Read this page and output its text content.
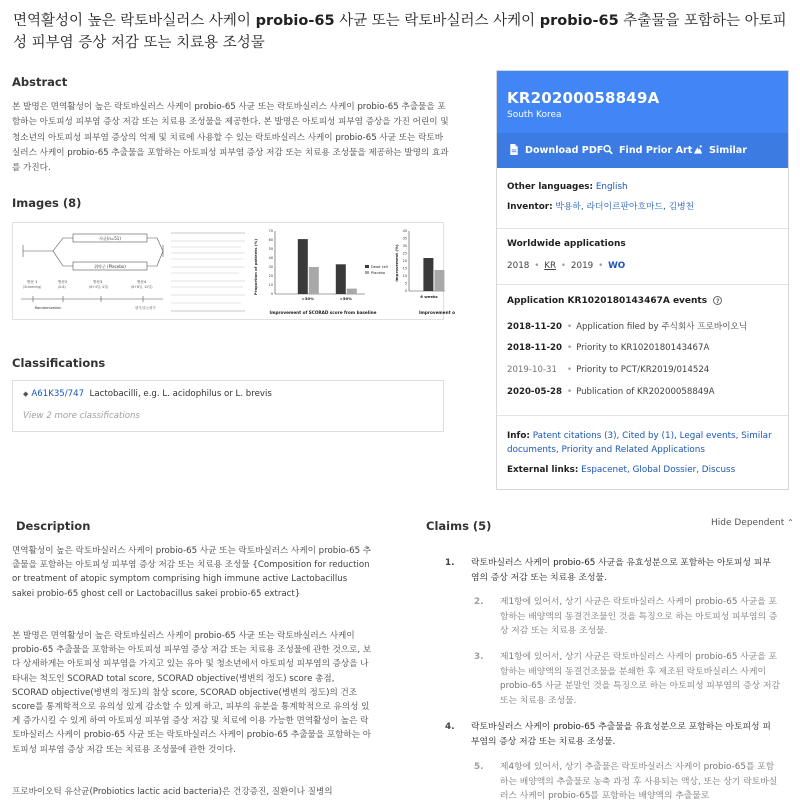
면역활성이 높은 락토바실러스 사케이 probio-65 사균 또는 락토바실러스 사케이 probio-65 추출물을 포함하는 아토피성 피부염 증상 저감 또는 치료용 조성물
Abstract
본 발명은 면역활성이 높은 락토바실러스 사케이 probio-65 사균 또는 락토바실러스 사케이 probio-65 추출물을 포함하는 아토피성 피부염 증상 저감 또는 치료용 조성물을 제공한다. 본 발명은 아토피성 피부염 증상을 가진 어린이 및 청소년의 아토피성 피부염 증상의 억제 및 치료에 사용할 수 있는 락토바실러스 사케이 probio-65 사균 또는 락토바실러스 사케이 probio-65 추출물을 포함하는 아토피성 피부염 증상 저감 또는 치료용 조성물을 제공하는 발명의 효과를 가진다.
Images (8)
사균(n=51)
위약군 (Placebo)
방문 1
(Screening)
방문2
(0-6)
방문3
(6+4일, 4일)
방문4
(6+8일, 12일)
Randomization	평가/효능평가
Proportion of patients (%)
Improvement of SCORAD score from baseline
Dead cell
Placebo
0
10
20
30
40
50
60
70
>30%	>50%
Improvement (%)
6 weeks
Improvement o
0
5
10
15
20
25
30
35
40
Classifications
◆ A61K35/747 Lactobacilli, e.g. L. acidophilus or L. brevis
View 2 more classifications
KR20200058849A
South Korea
Download PDF	Find Prior Art	Similar
Other languages: English
Inventor: 박용하, 라더이르판아흐마드, 김병천
Worldwide applications
2018 • KR • 2019 • WO
Application KR1020180143467A events ?
2018-11-20 • Application filed by 주식회사 프로바이오닉
2018-11-20 • Priority to KR1020180143467A
2019-10-31 • Priority to PCT/KR2019/014524
2020-05-28 • Publication of KR20200058849A
Info: Patent citations (3), Cited by (1), Legal events, Similar documents, Priority and Related Applications
External links: Espacenet, Global Dossier, Discuss
Description
면역활성이 높은 락토바실러스 사케이 probio-65 사균 또는 락토바실러스 사케이 probio-65 추출물을 포함하는 아토피성 피부염 증상 저감 또는 치료용 조성물 {Composition for reduction or treatment of atopic symptom comprising high immune active Lactobacillus sakei probio-65 ghost cell or Lactobacillus sakei probio-65 extract}
본 발명은 면역활성이 높은 락토바실러스 사케이 probio-65 사균 또는 락토바실러스 사케이 probio-65 추출물을 포함하는 아토피성 피부염 증상 저감 또는 치료용 조성물에 관한 것으로, 보다 상세하게는 아토피성 피부염을 가지고 있는 유아 및 청소년에서 아토피성 피부염의 증상을 나타내는 척도인 SCORAD total score, SCORAD objective(병변의 정도) score 총점, SCORAD objective(병변의 정도)의 참상 score, SCORAD objective(병변의 정도)의 건조 score를 통계학적으로 유의성 있게 감소할 수 있게 하고, 피부의 유분을 통계학적으로 유의성 있게 증가시킬 수 있게 하여 아토피성 피부염 증상 저감 및 치료에 이용 가능한 면역활성이 높은 락토바실러스 사케이 probio-65 사균 또는 락토바실러스 사케이 probio-65 추출물을 포함하는 아토피성 피부염 증상 저감 또는 치료용 조성물에 관한 것이다.
프로바이오틱 유산균(Probiotics lactic acid bacteria)은 건강증진, 질환이나 질병의
Claims (5)	Hide Dependent ⌃
1. 락토바실러스 사케이 probio-65 사균을 유효성분으로 포함하는 아토피성 피부염의 증상 저감 또는 치료용 조성물.
2. 제1항에 있어서, 상기 사균은 락토바실러스 사케이 probio-65 사균을 포함하는 배양액의 동결건조물인 것을 특징으로 하는 아토피성 피부염의 증상 저감 또는 치료용 조성물.
3. 제1항에 있어서, 상기 사균은 락토바실러스 사케이 probio-65 사균을 포함하는 배양액의 동결건조물을 분쇄한 후 제조된 락토바실러스 사케이 probio-65 사균 분말인 것을 특징으로 하는 아토피성 피부염의 증상 저감 또는 치료용 조성물.
4. 락토바실러스 사케이 probio-65 추출물을 유효성분으로 포함하는 아토피성 피부염의 증상 저감 또는 치료용 조성물.
5. 제4항에 있어서, 상기 추출물은 락토바실러스 사케이 probio-65를 포함하는 배양액의 추출물로 농축 과정 후 사용되는 액상, 또는 상기 락토바실러스 사케이 probio-65를 포함하는 배양액의 추출물로
